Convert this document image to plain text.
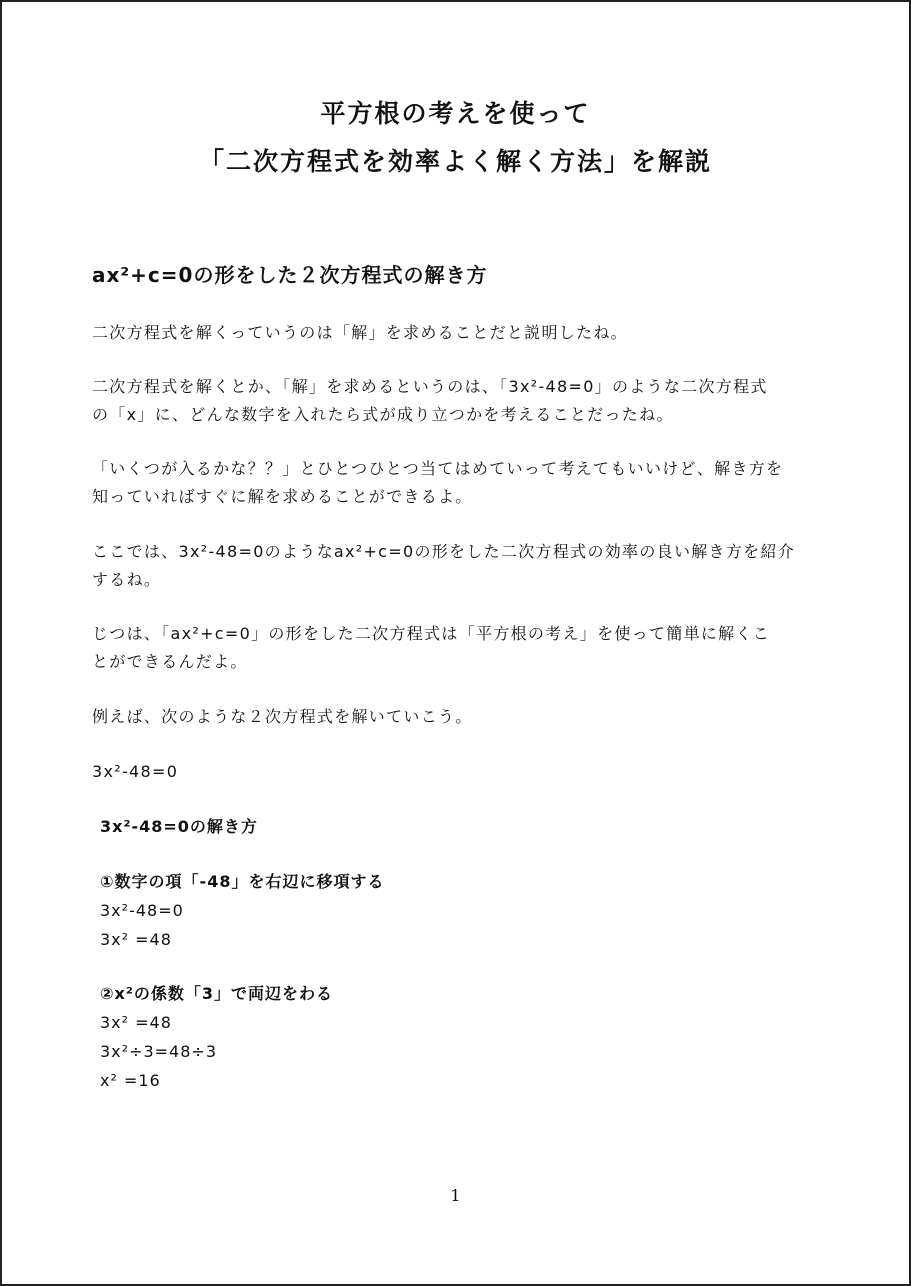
平方根の考えを使って
「二次方程式を効率よく解く方法」を解説
ax²+c=0の形をした２次方程式の解き方
二次方程式を解くっていうのは「解」を求めることだと説明したね。
二次方程式を解くとか、「解」を求めるというのは、「3x²-48=0」のような二次方程式
の「x」に、どんな数字を入れたら式が成り立つかを考えることだったね。
「いくつが入るかな？？」とひとつひとつ当てはめていって考えてもいいけど、解き方を
知っていればすぐに解を求めることができるよ。
ここでは、3x²-48=0のようなax²+c=0の形をした二次方程式の効率の良い解き方を紹介
するね。
じつは、「ax²+c=0」の形をした二次方程式は「平方根の考え」を使って簡単に解くこ
とができるんだよ。
例えば、次のような２次方程式を解いていこう。
3x²-48=0
3x²-48=0の解き方
①数字の項「-48」を右辺に移項する
3x²-48=0
3x² =48
②x²の係数「3」で両辺をわる
3x² =48
3x²÷3=48÷3
x² =16
1
